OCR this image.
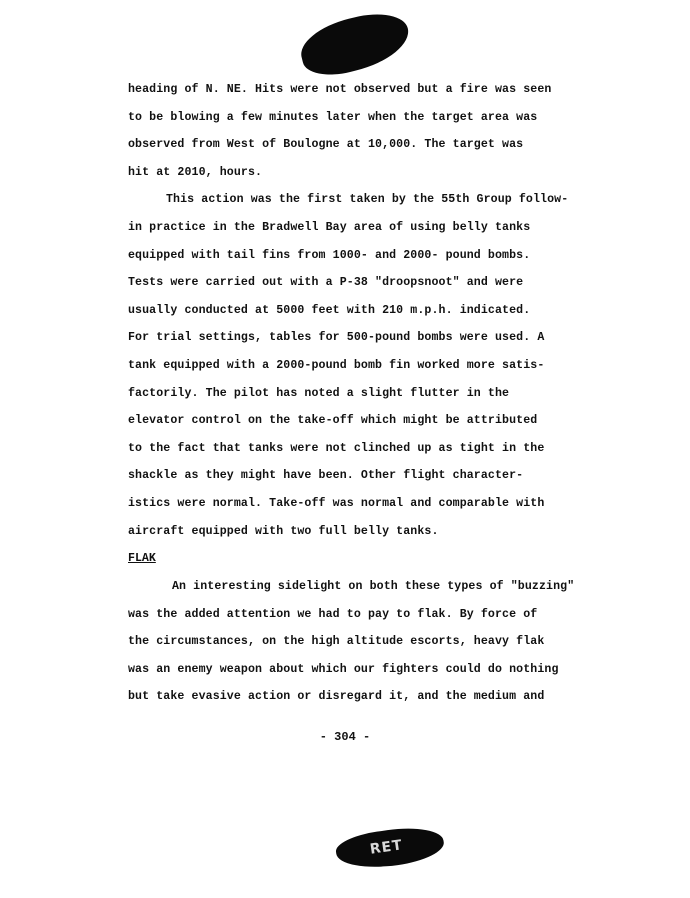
heading of N. NE. Hits were not observed but a fire was seen
to be blowing a few minutes later when the target area was
observed from West of Boulogne at 10,000. The target was
hit at 2010, hours.
This action was the first taken by the 55th Group follow-
in practice in the Bradwell Bay area of using belly tanks
equipped with tail fins from 1000- and 2000- pound bombs.
Tests were carried out with a P-38 "droopsnoot" and were
usually conducted at 5000 feet with 210 m.p.h. indicated.
For trial settings, tables for 500-pound bombs were used. A
tank equipped with a 2000-pound bomb fin worked more satis-
factorily. The pilot has noted a slight flutter in the
elevator control on the take-off which might be attributed
to the fact that tanks were not clinched up as tight in the
shackle as they might have been. Other flight character-
istics were normal. Take-off was normal and comparable with
aircraft equipped with two full belly tanks.
FLAK
An interesting sidelight on both these types of "buzzing"
was the added attention we had to pay to flak. By force of
the circumstances, on the high altitude escorts, heavy flak
was an enemy weapon about which our fighters could do nothing
but take evasive action or disregard it, and the medium and
- 304 -
RET
